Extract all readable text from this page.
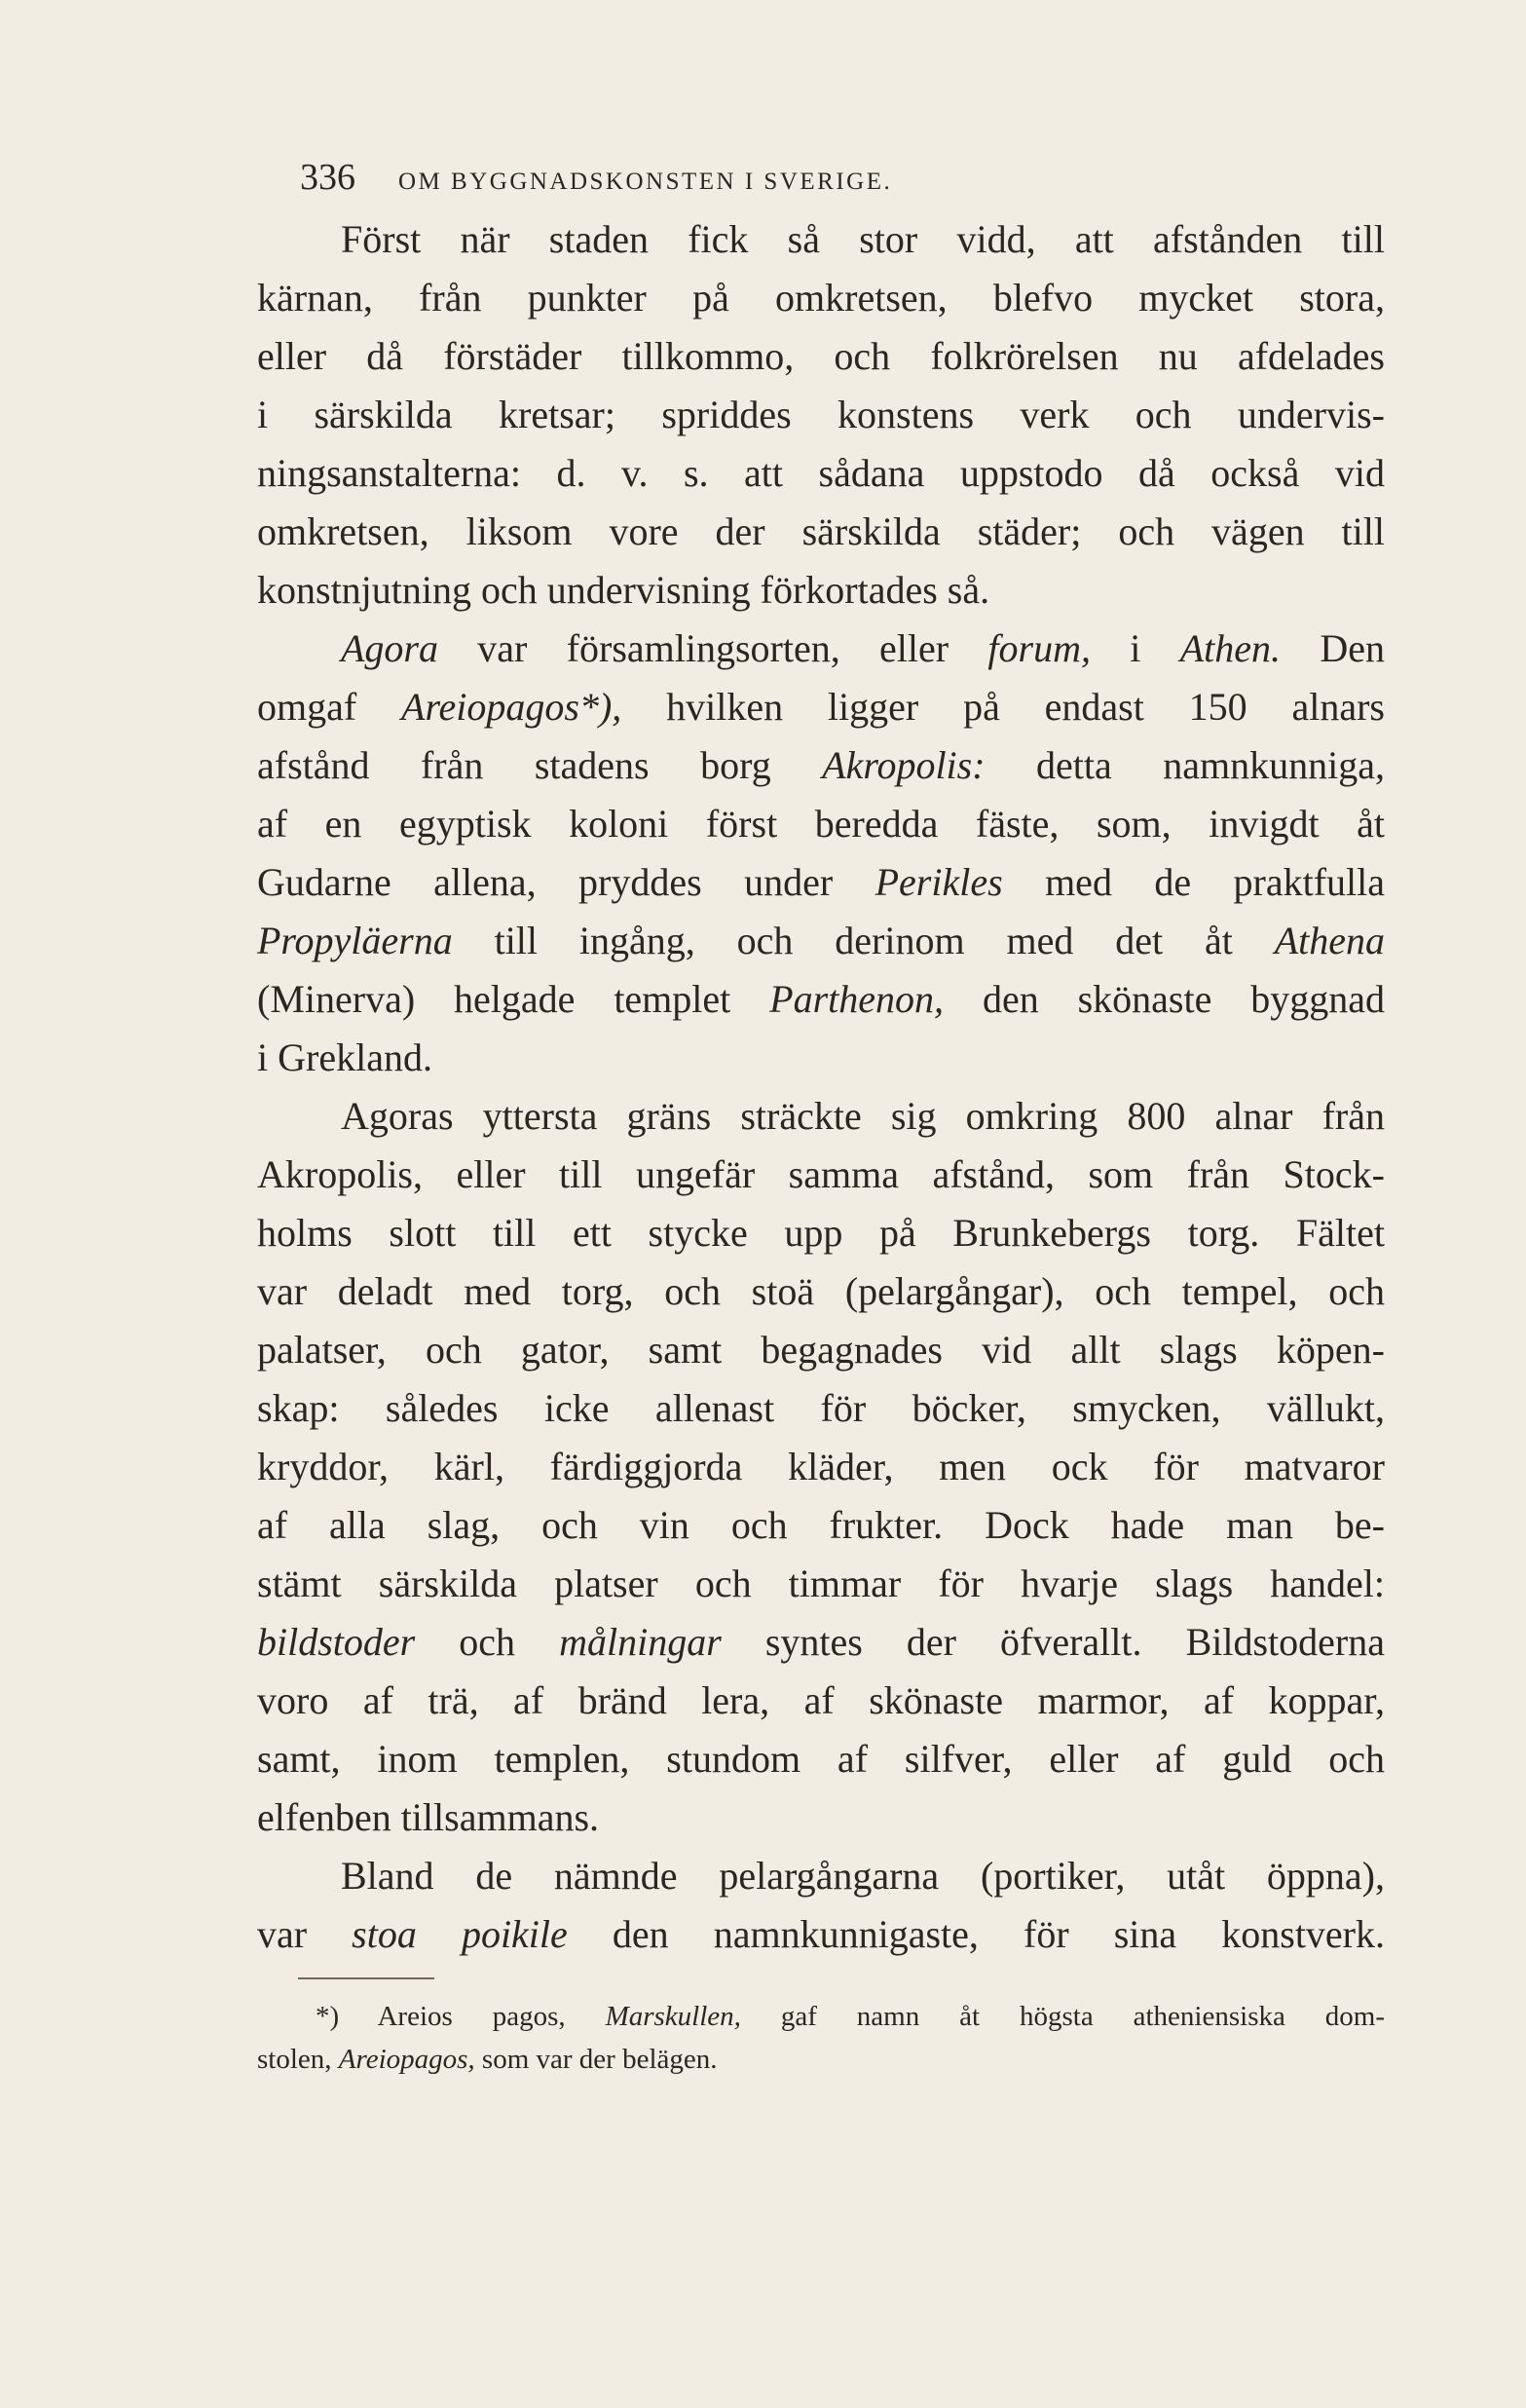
336 OM BYGGNADSKONSTEN I SVERIGE.
Först när staden fick så stor vidd, att afstånden till
kärnan, från punkter på omkretsen, blefvo mycket stora,
eller då förstäder tillkommo, och folkrörelsen nu afdelades
i särskilda kretsar; spriddes konstens verk och undervis-
ningsanstalterna: d. v. s. att sådana uppstodo då också vid
omkretsen, liksom vore der särskilda städer; och vägen till
konstnjutning och undervisning förkortades så.
Agora var församlingsorten, eller forum, i Athen. Den
omgaf Areiopagos*), hvilken ligger på endast 150 alnars
afstånd från stadens borg Akropolis: detta namnkunniga,
af en egyptisk koloni först beredda fäste, som, invigdt åt
Gudarne allena, pryddes under Perikles med de praktfulla
Propyläerna till ingång, och derinom med det åt Athena
(Minerva) helgade templet Parthenon, den skönaste byggnad
i Grekland.
Agoras yttersta gräns sträckte sig omkring 800 alnar från
Akropolis, eller till ungefär samma afstånd, som från Stock-
holms slott till ett stycke upp på Brunkebergs torg. Fältet
var deladt med torg, och stoä (pelargångar), och tempel, och
palatser, och gator, samt begagnades vid allt slags köpen-
skap: således icke allenast för böcker, smycken, vällukt,
kryddor, kärl, färdiggjorda kläder, men ock för matvaror
af alla slag, och vin och frukter. Dock hade man be-
stämt särskilda platser och timmar för hvarje slags handel:
bildstoder och målningar syntes der öfverallt. Bildstoderna
voro af trä, af bränd lera, af skönaste marmor, af koppar,
samt, inom templen, stundom af silfver, eller af guld och
elfenben tillsammans.
Bland de nämnde pelargångarna (portiker, utåt öppna),
var stoa poikile den namnkunnigaste, för sina konstverk.
*) Areios pagos, Marskullen, gaf namn åt högsta atheniensiska dom-
stolen, Areiopagos, som var der belägen.
